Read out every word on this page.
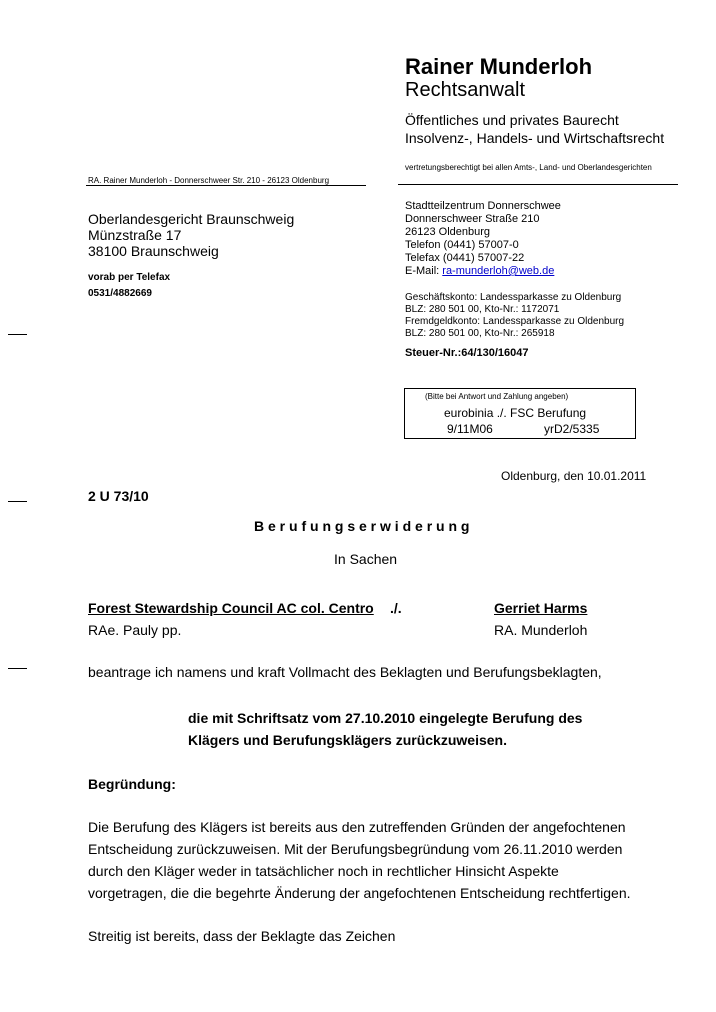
Rainer Munderloh
Rechtsanwalt
Öffentliches und privates Baurecht
Insolvenz-, Handels- und Wirtschaftsrecht
vertretungsberechtigt bei allen Amts-, Land- und Oberlandesgerichten
RA. Rainer Munderloh - Donnerschweer Str. 210 - 26123 Oldenburg
Oberlandesgericht Braunschweig
Münzstraße 17
38100 Braunschweig
vorab per Telefax
0531/4882669
Stadtteilzentrum Donnerschwee
Donnerschweer Straße 210
26123 Oldenburg
Telefon (0441) 57007-0
Telefax (0441) 57007-22
E-Mail: ra-munderloh@web.de
Geschäftskonto: Landessparkasse zu Oldenburg
BLZ: 280 501 00, Kto-Nr.: 1172071
Fremdgeldkonto: Landessparkasse zu Oldenburg
BLZ: 280 501 00, Kto-Nr.: 265918
Steuer-Nr.:64/130/16047
(Bitte bei Antwort und Zahlung angeben)
eurobinia ./. FSC Berufung
9/11M06	yrD2/5335
Oldenburg, den 10.01.2011
2 U 73/10
B e r u f u n g s e r w i d e r u n g
In Sachen
Forest Stewardship Council AC col. Centro ./.	Gerriet Harms
RAe. Pauly pp.	RA. Munderloh
beantrage ich namens und kraft Vollmacht des Beklagten und Berufungsbeklagten,
die mit Schriftsatz vom 27.10.2010 eingelegte Berufung des
Klägers und Berufungsklägers zurückzuweisen.
Begründung:
Die Berufung des Klägers ist bereits aus den zutreffenden Gründen der angefochtenen
Entscheidung zurückzuweisen. Mit der Berufungsbegründung vom 26.11.2010 werden
durch den Kläger weder in tatsächlicher noch in rechtlicher Hinsicht Aspekte
vorgetragen, die die begehrte Änderung der angefochtenen Entscheidung rechtfertigen.
Streitig ist bereits, dass der Beklagte das Zeichen
